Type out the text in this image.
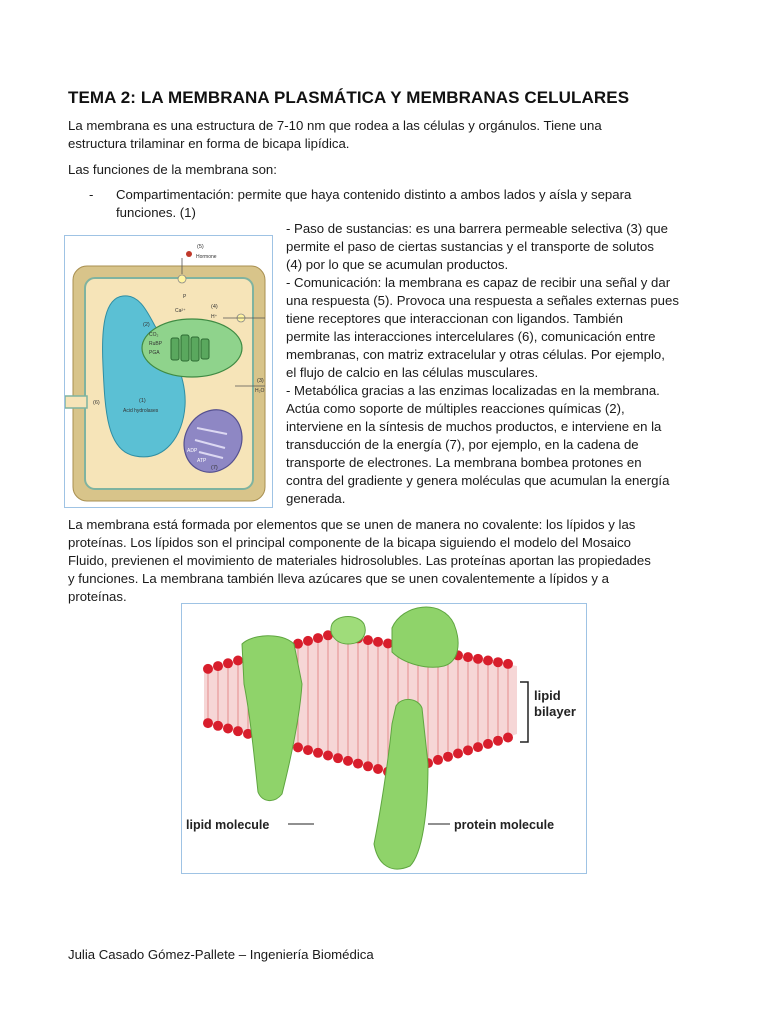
TEMA 2: LA MEMBRANA PLASMÁTICA Y MEMBRANAS CELULARES
La membrana es una estructura de 7-10 nm que rodea a las células y orgánulos. Tiene una
estructura trilaminar en forma de bicapa lipídica.
Las funciones de la membrana son:
- Compartimentación: permite que haya contenido distinto a ambos lados y aísla y separa
funciones. (1)
(5)
Hormone
P
Ca²⁺
(2)
CO₂
RuBP
PGA
(4)
H⁺
(1)
Acid hydrolases
(6)
(3)
H₂O
ADP
ATP
(7)
- Paso de sustancias: es una barrera permeable selectiva (3) que
permite el paso de ciertas sustancias y el transporte de solutos
(4) por lo que se acumulan productos.
- Comunicación: la membrana es capaz de recibir una señal y dar
una respuesta (5). Provoca una respuesta a señales externas pues
tiene receptores que interaccionan con ligandos. También
permite las interacciones intercelulares (6), comunicación entre
membranas, con matriz extracelular y otras células. Por ejemplo,
el flujo de calcio en las células musculares.
- Metabólica gracias a las enzimas localizadas en la membrana.
Actúa como soporte de múltiples reacciones químicas (2),
interviene en la síntesis de muchos productos, e interviene en la
transducción de la energía (7), por ejemplo, en la cadena de
transporte de electrones. La membrana bombea protones en
contra del gradiente y genera moléculas que acumulan la energía
generada.
La membrana está formada por elementos que se unen de manera no covalente: los lípidos y las
proteínas. Los lípidos son el principal componente de la bicapa siguiendo el modelo del Mosaico
Fluido, previenen el movimiento de materiales hidrosolubles. Las proteínas aportan las propiedades
y funciones. La membrana también lleva azúcares que se unen covalentemente a lípidos y a
proteínas.
lipid
bilayer
lipid molecule	protein molecule
Julia Casado Gómez-Pallete – Ingeniería Biomédica
